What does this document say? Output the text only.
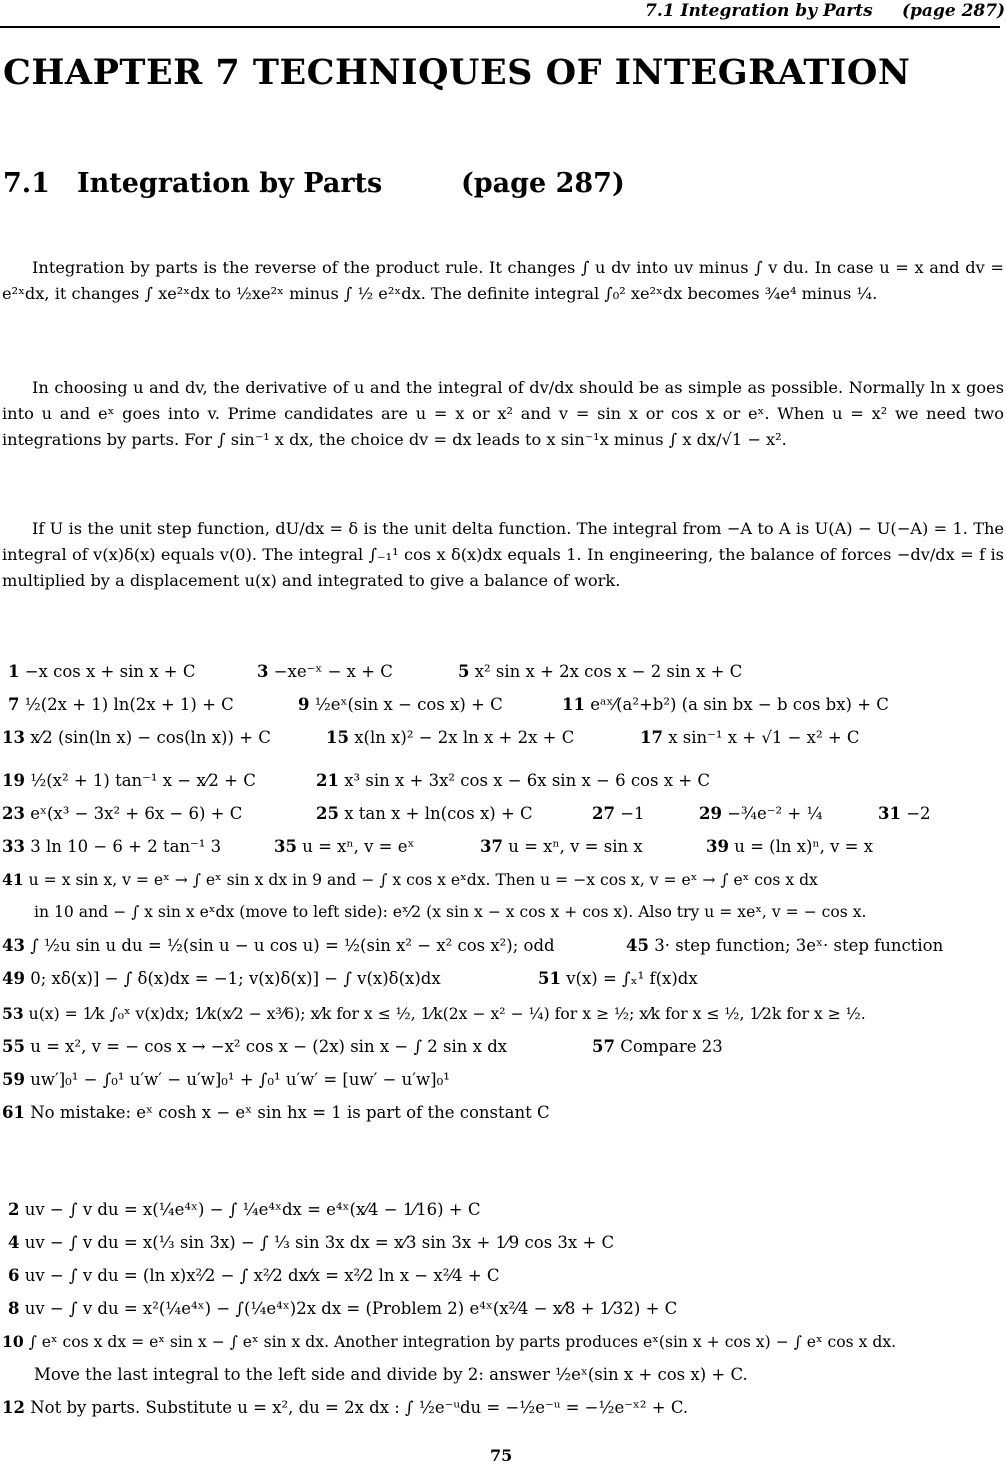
7.1 Integration by Parts (page 287)
CHAPTER 7 TECHNIQUES OF INTEGRATION
7.1 Integration by Parts	(page 287)

Integration by parts is the reverse of the product rule. It changes ∫ u dv into uv minus ∫ v du. In case u = x and dv = e²ˣdx, it changes ∫ xe²ˣdx to ½xe²ˣ minus ∫ ½ e²ˣdx. The definite integral ∫₀² xe²ˣdx becomes ¾e⁴ minus ¼.

In choosing u and dv, the derivative of u and the integral of dv/dx should be as simple as possible. Normally ln x goes into u and eˣ goes into v. Prime candidates are u = x or x² and v = sin x or cos x or eˣ. When u = x² we need two integrations by parts. For ∫ sin⁻¹ x dx, the choice dv = dx leads to x sin⁻¹x minus ∫ x dx/√1 − x².

If U is the unit step function, dU/dx = δ is the unit delta function. The integral from −A to A is U(A) − U(−A) = 1. The integral of v(x)δ(x) equals v(0). The integral ∫₋₁¹ cos x δ(x)dx equals 1. In engineering, the balance of forces −dv/dx = f is multiplied by a displacement u(x) and integrated to give a balance of work.

1 −x cos x + sin x + C	3 −xe⁻ˣ − x + C	5 x² sin x + 2x cos x − 2 sin x + C
7 ½(2x + 1) ln(2x + 1) + C	9 ½eˣ(sin x − cos x) + C	11 eᵃˣ⁄(a²+b²) (a sin bx − b cos bx) + C
13 x⁄2 (sin(ln x) − cos(ln x)) + C	15 x(ln x)² − 2x ln x + 2x + C	17 x sin⁻¹ x + √1 − x² + C
19 ½(x² + 1) tan⁻¹ x − x⁄2 + C	21 x³ sin x + 3x² cos x − 6x sin x − 6 cos x + C
23 eˣ(x³ − 3x² + 6x − 6) + C	25 x tan x + ln(cos x) + C	27 −1	29 −¾e⁻² + ¼	31 −2
33 3 ln 10 − 6 + 2 tan⁻¹ 3	35 u = xⁿ, v = eˣ	37 u = xⁿ, v = sin x	39 u = (ln x)ⁿ, v = x
41 u = x sin x, v = eˣ → ∫ eˣ sin x dx in 9 and − ∫ x cos x eˣdx. Then u = −x cos x, v = eˣ → ∫ eˣ cos x dx
in 10 and − ∫ x sin x eˣdx (move to left side): eˣ⁄2 (x sin x − x cos x + cos x). Also try u = xeˣ, v = − cos x.
43 ∫ ½u sin u du = ½(sin u − u cos u) = ½(sin x² − x² cos x²); odd	45 3· step function; 3eˣ· step function
49 0; xδ(x)] − ∫ δ(x)dx = −1; v(x)δ(x)] − ∫ v(x)δ(x)dx	51 v(x) = ∫ₓ¹ f(x)dx
53 u(x) = 1⁄k ∫₀ˣ v(x)dx; 1⁄k(x⁄2 − x³⁄6); x⁄k for x ≤ ½, 1⁄k(2x − x² − ¼) for x ≥ ½; x⁄k for x ≤ ½, 1⁄2k for x ≥ ½.
55 u = x², v = − cos x → −x² cos x − (2x) sin x − ∫ 2 sin x dx	57 Compare 23
59 uw′]₀¹ − ∫₀¹ u′w′ − u′w]₀¹ + ∫₀¹ u′w′ = [uw′ − u′w]₀¹
61 No mistake: eˣ cosh x − eˣ sin hx = 1 is part of the constant C
2 uv − ∫ v du = x(¼e⁴ˣ) − ∫ ¼e⁴ˣdx = e⁴ˣ(x⁄4 − 1⁄16) + C
4 uv − ∫ v du = x(⅓ sin 3x) − ∫ ⅓ sin 3x dx = x⁄3 sin 3x + 1⁄9 cos 3x + C
6 uv − ∫ v du = (ln x)x²⁄2 − ∫ x²⁄2 dx⁄x = x²⁄2 ln x − x²⁄4 + C
8 uv − ∫ v du = x²(¼e⁴ˣ) − ∫(¼e⁴ˣ)2x dx = (Problem 2) e⁴ˣ(x²⁄4 − x⁄8 + 1⁄32) + C
10 ∫ eˣ cos x dx = eˣ sin x − ∫ eˣ sin x dx. Another integration by parts produces eˣ(sin x + cos x) − ∫ eˣ cos x dx.
Move the last integral to the left side and divide by 2: answer ½eˣ(sin x + cos x) + C.
12 Not by parts. Substitute u = x², du = 2x dx : ∫ ½e⁻ᵘdu = −½e⁻ᵘ = −½e⁻ˣ² + C.
75
